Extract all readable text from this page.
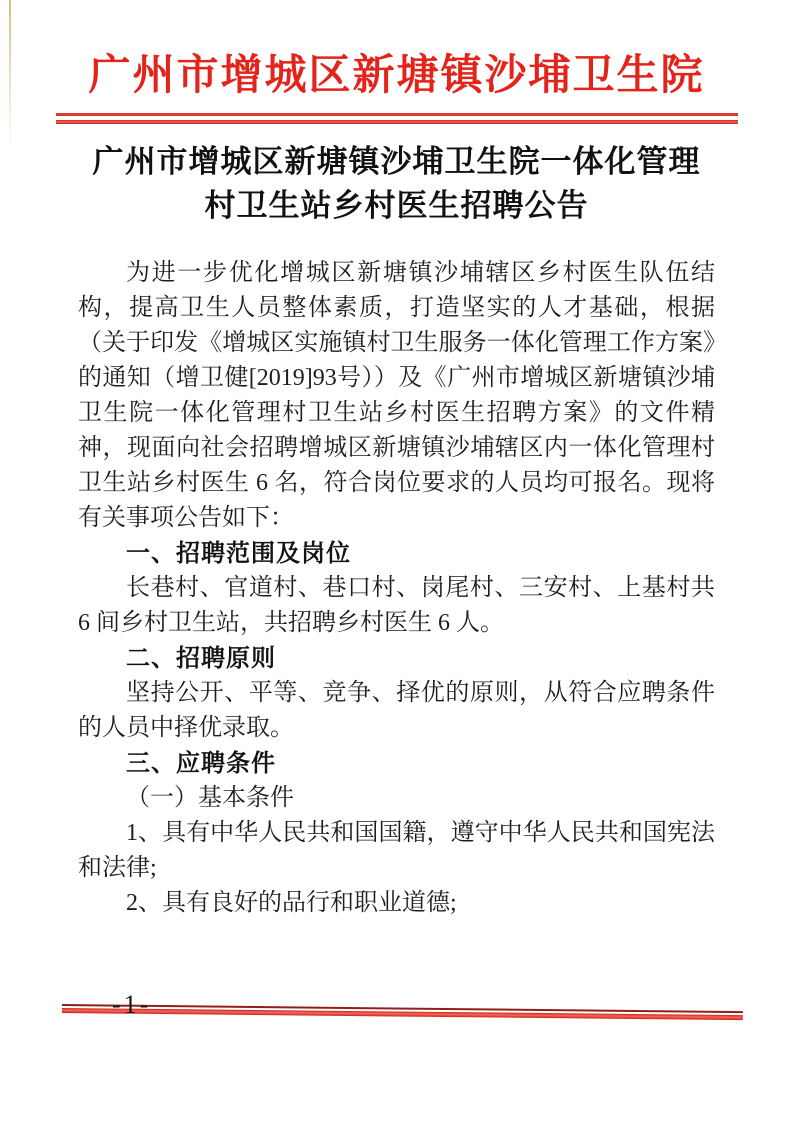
广州市增城区新塘镇沙埔卫生院
广州市增城区新塘镇沙埔卫生院一体化管理
村卫生站乡村医生招聘公告

为进一步优化增城区新塘镇沙埔辖区乡村医生队伍结构，提高卫生人员整体素质，打造坚实的人才基础，根据（关于印发《增城区实施镇村卫生服务一体化管理工作方案》的通知（增卫健[2019]93号））及《广州市增城区新塘镇沙埔卫生院一体化管理村卫生站乡村医生招聘方案》的文件精神，现面向社会招聘增城区新塘镇沙埔辖区内一体化管理村卫生站乡村医生 6 名，符合岗位要求的人员均可报名。现将有关事项公告如下：

一、招聘范围及岗位

长巷村、官道村、巷口村、岗尾村、三安村、上基村共 6 间乡村卫生站，共招聘乡村医生 6 人。

二、招聘原则

坚持公开、平等、竞争、择优的原则，从符合应聘条件的人员中择优录取。

三、应聘条件

（一）基本条件

1、具有中华人民共和国国籍，遵守中华人民共和国宪法和法律;

2、具有良好的品行和职业道德;

-1-
